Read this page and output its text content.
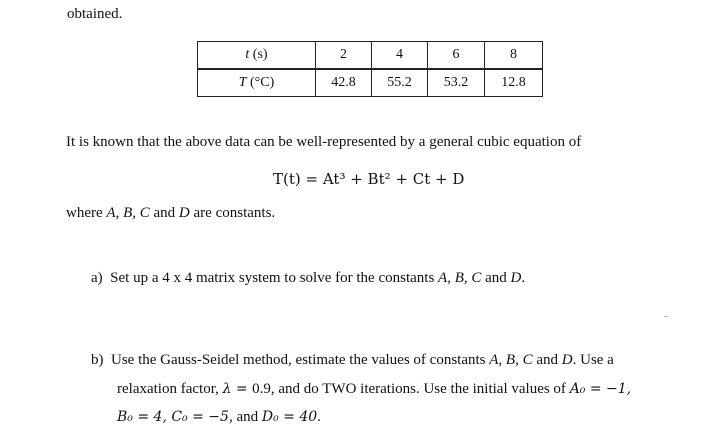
obtained.
t (s)	2	4	6	8
T (°C)	42.8	55.2	53.2	12.8
It is known that the above data can be well-represented by a general cubic equation of
T(t) = At³ + Bt² + Ct + D
where A, B, C and D are constants.
a) Set up a 4 x 4 matrix system to solve for the constants A, B, C and D.
b) Use the Gauss-Seidel method, estimate the values of constants A, B, C and D. Use a
relaxation factor, λ = 0.9, and do TWO iterations. Use the initial values of A₀ = −1,
B₀ = 4, C₀ = −5, and D₀ = 40.
